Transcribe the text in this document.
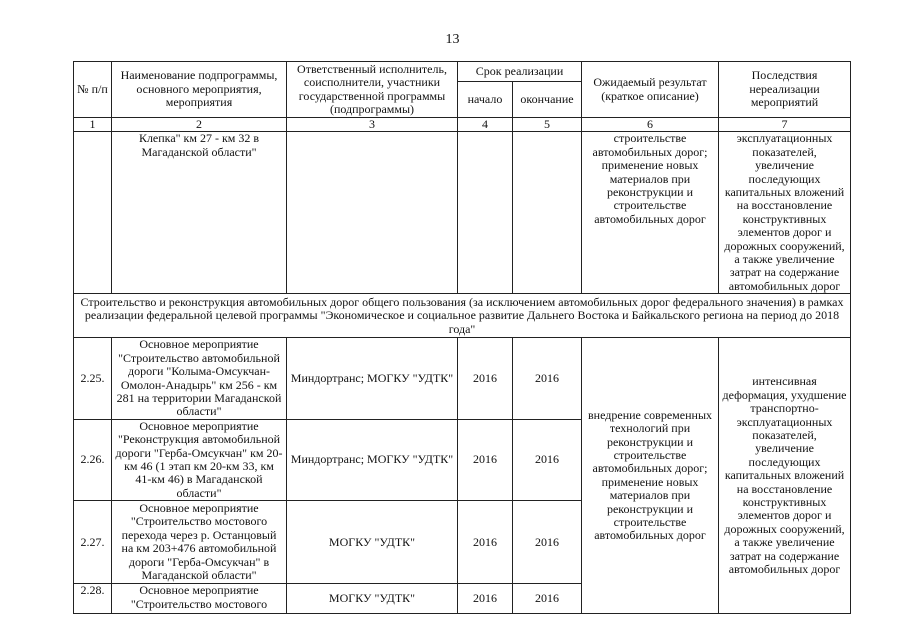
13
№ п/п	Наименование подпрограммы, основного мероприятия, мероприятия	Ответственный исполнитель, соисполнители, участники государственной программы (подпрограммы)	Срок реализации		Ожидаемый результат (краткое описание)	Последствия нереализации мероприятий
			начало	окончание		
1	2	3	4	5	6	7
	Клепка" км 27 - км 32 в Магаданской области"				строительстве автомобильных дорог; применение новых материалов при реконструкции и строительстве автомобильных дорог	эксплуатационных показателей, увеличение последующих капитальных вложений на восстановление конструктивных элементов дорог и дорожных сооружений, а также увеличение затрат на содержание автомобильных дорог
Строительство и реконструкция автомобильных дорог общего пользования (за исключением автомобильных дорог федерального значения) в рамках реализации федеральной целевой программы "Экономическое и социальное развитие Дальнего Востока и Байкальского региона на период до 2018 года"						
2.25.	Основное мероприятие "Строительство автомобильной дороги "Колыма-Омсукчан-Омолон-Анадырь" км 256 - км 281 на территории Магаданской области"	Миндортранс; МОГКУ "УДТК"	2016	2016	внедрение современных технологий при реконструкции и строительстве автомобильных дорог; применение новых материалов при реконструкции и строительстве автомобильных дорог	интенсивная деформация, ухудшение транспортно-эксплуатационных показателей, увеличение последующих капитальных вложений на восстановление конструктивных элементов дорог и дорожных сооружений, а также увеличение затрат на содержание автомобильных дорог
2.26.	Основное мероприятие "Реконструкция автомобильной дороги "Герба-Омсукчан" км 20-км 46 (1 этап км 20-км 33, км 41-км 46) в Магаданской области"	Миндортранс; МОГКУ "УДТК"	2016	2016		
2.27.	Основное мероприятие "Строительство мостового перехода через р. Останцовый на км 203+476 автомобильной дороги "Герба-Омсукчан" в Магаданской области"	МОГКУ "УДТК"	2016	2016		
2.28.	Основное мероприятие "Строительство мостового	МОГКУ "УДТК"	2016	2016		
